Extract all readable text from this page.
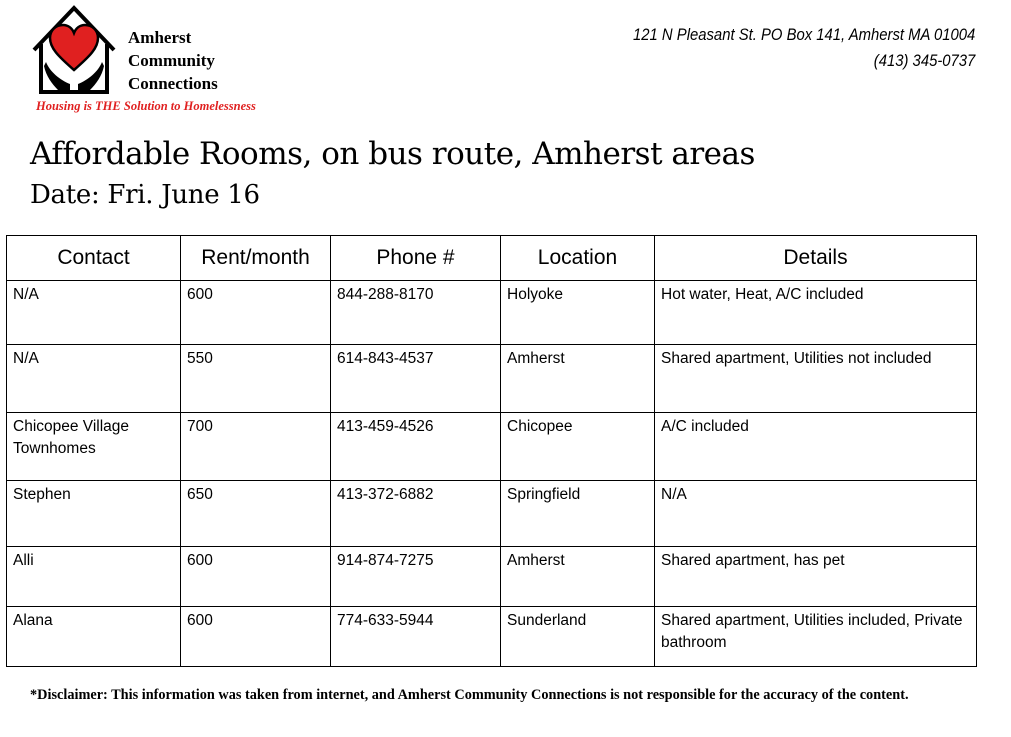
Amherst
Community
Connections
Housing is THE Solution to Homelessness
121 N Pleasant St. PO Box 141, Amherst MA 01004
(413) 345-0737
Affordable Rooms, on bus route, Amherst areas
Date: Fri. June 16
Contact	Rent/month	Phone #	Location	Details
N/A	600	844-288-8170	Holyoke	Hot water, Heat, A/C included
N/A	550	614-843-4537	Amherst	Shared apartment, Utilities not included
Chicopee Village Townhomes	700	413-459-4526	Chicopee	A/C included
Stephen	650	413-372-6882	Springfield	N/A
Alli	600	914-874-7275	Amherst	Shared apartment, has pet
Alana	600	774-633-5944	Sunderland	Shared apartment, Utilities included, Private bathroom
*Disclaimer: This information was taken from internet, and Amherst Community Connections is not responsible for the accuracy of the content.
